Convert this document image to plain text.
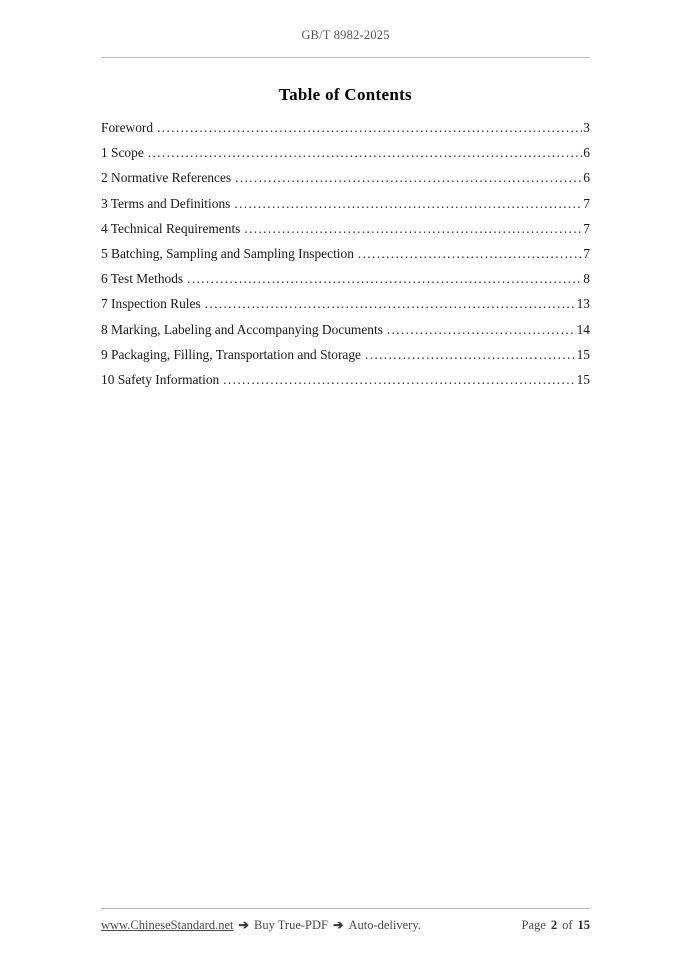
GB/T 8982-2025
Table of Contents
Foreword .....	3
1 Scope .....	6
2 Normative References .....	6
3 Terms and Definitions .....	7
4 Technical Requirements .....	7
5 Batching, Sampling and Sampling Inspection .....	7
6 Test Methods .....	8
7 Inspection Rules .....	13
8 Marking, Labeling and Accompanying Documents .....	14
9 Packaging, Filling, Transportation and Storage .....	15
10 Safety Information .....	15
www.ChineseStandard.net ➔ Buy True-PDF ➔ Auto-delivery.	Page 2 of 15
